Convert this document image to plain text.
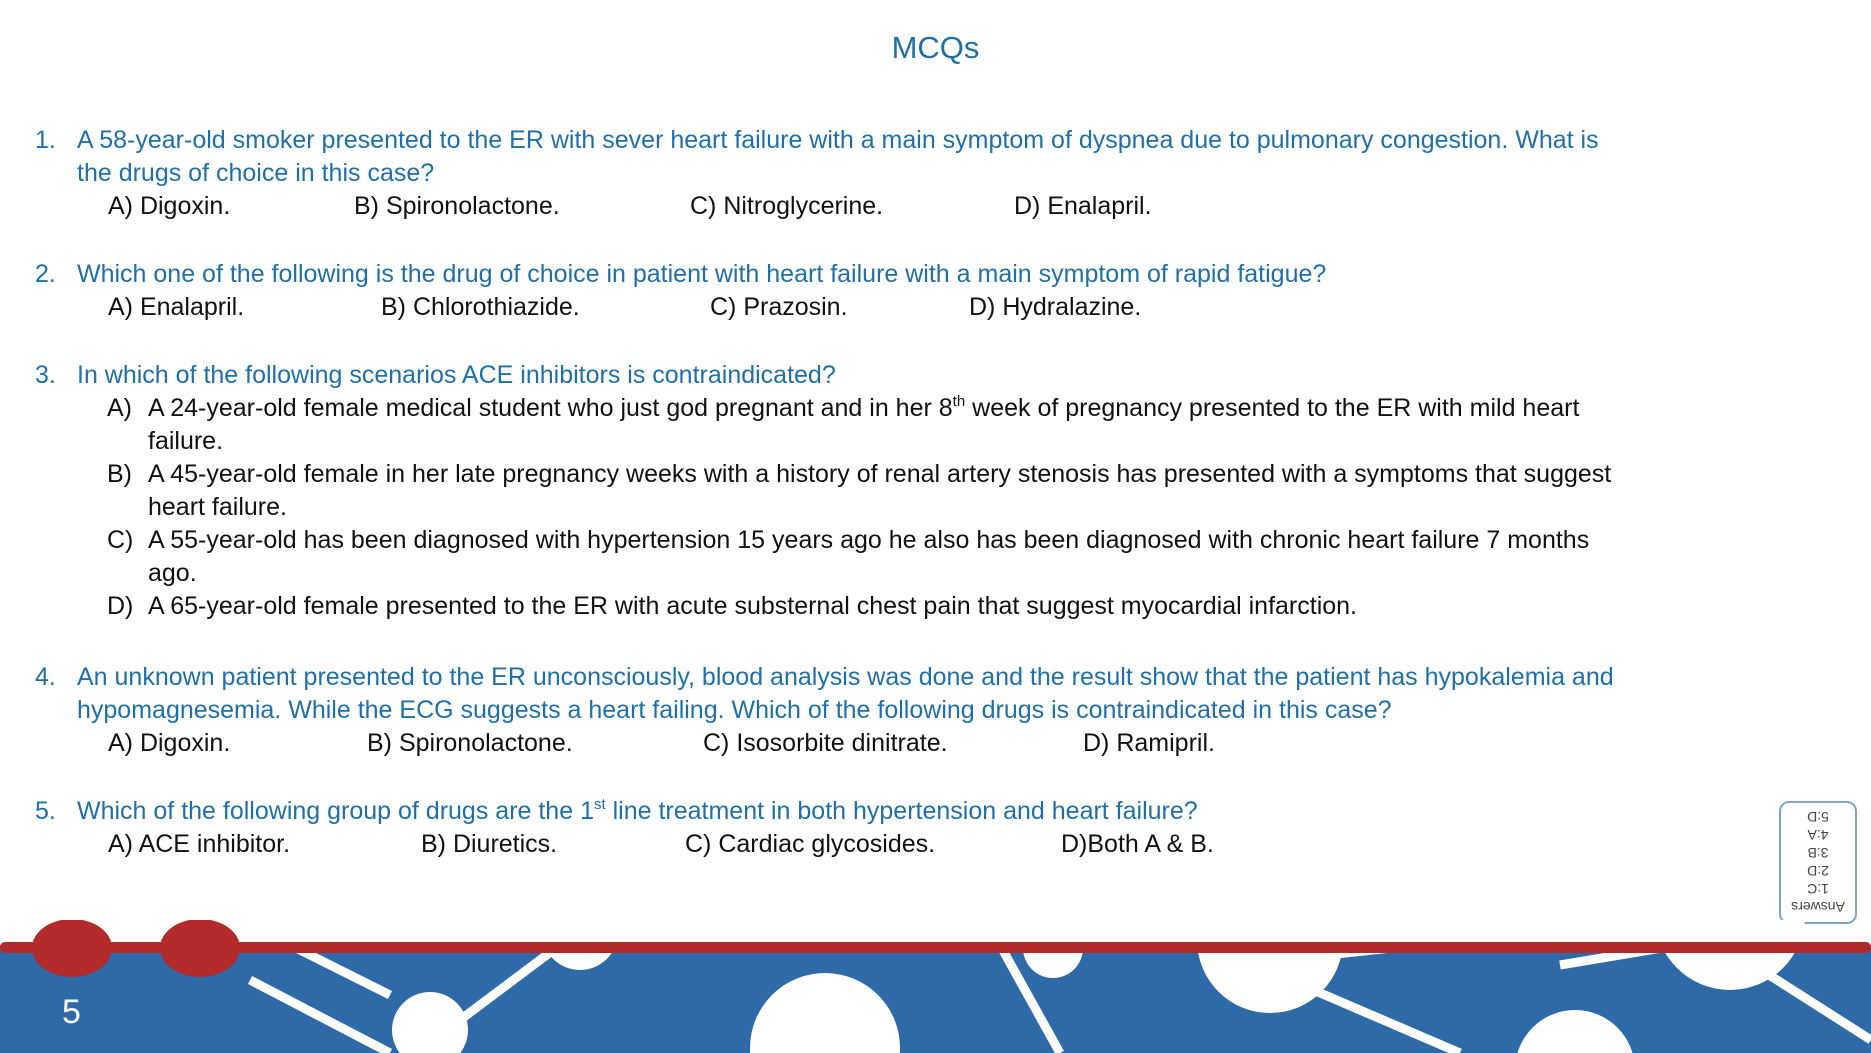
MCQs
1. A 58-year-old smoker presented to the ER with sever heart failure with a main symptom of dyspnea due to pulmonary congestion. What is
the drugs of choice in this case?
A) Digoxin.	B) Spironolactone.	C) Nitroglycerine.	D) Enalapril.
2. Which one of the following is the drug of choice in patient with heart failure with a main symptom of rapid fatigue?
A) Enalapril.	B) Chlorothiazide.	C) Prazosin.	D) Hydralazine.
3. In which of the following scenarios ACE inhibitors is contraindicated?
A) A 24-year-old female medical student who just god pregnant and in her 8th week of pregnancy presented to the ER with mild heart
failure.
B) A 45-year-old female in her late pregnancy weeks with a history of renal artery stenosis has presented with a symptoms that suggest
heart failure.
C) A 55-year-old has been diagnosed with hypertension 15 years ago he also has been diagnosed with chronic heart failure 7 months
ago.
D) A 65-year-old female presented to the ER with acute substernal chest pain that suggest myocardial infarction.
4. An unknown patient presented to the ER unconsciously, blood analysis was done and the result show that the patient has hypokalemia and
hypomagnesemia. While the ECG suggests a heart failing. Which of the following drugs is contraindicated in this case?
A) Digoxin.	B) Spironolactone.	C) Isosorbite dinitrate.	D) Ramipril.
5. Which of the following group of drugs are the 1st line treatment in both hypertension and heart failure?
A) ACE inhibitor.	B) Diuretics.	C) Cardiac glycosides.	D)Both A & B.
Answers
1:C
2:D
3:B
4:A
5:D
5
